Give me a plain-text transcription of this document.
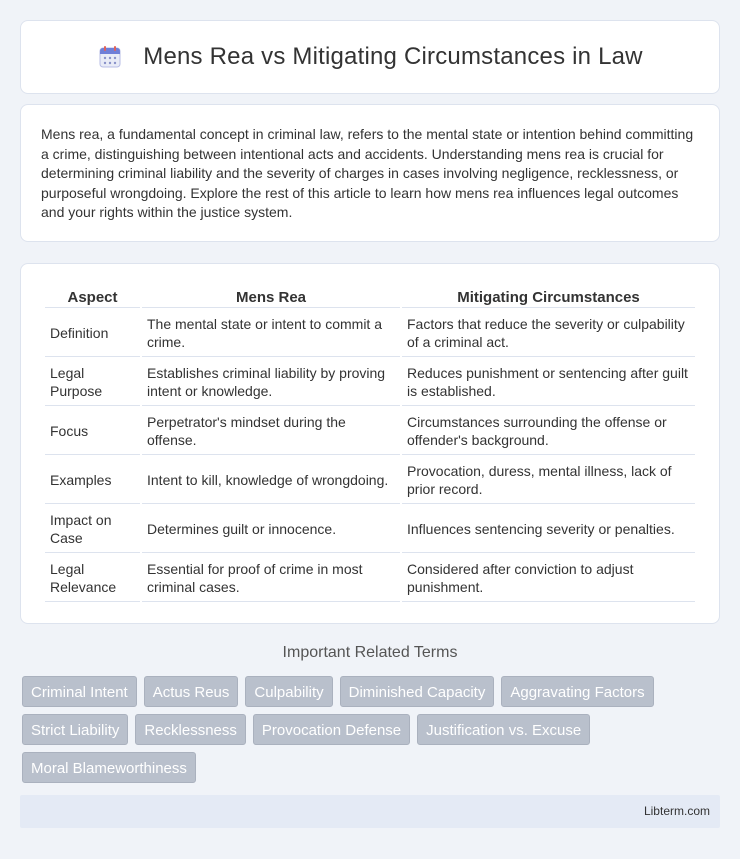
Mens Rea vs Mitigating Circumstances in Law

Mens rea, a fundamental concept in criminal law, refers to the mental state or intention behind committing a crime, distinguishing between intentional acts and accidents. Understanding mens rea is crucial for determining criminal liability and the severity of charges in cases involving negligence, recklessness, or purposeful wrongdoing. Explore the rest of this article to learn how mens rea influences legal outcomes and your rights within the justice system.

Aspect	Mens Rea	Mitigating Circumstances
Definition	The mental state or intent to commit a crime.	Factors that reduce the severity or culpability of a criminal act.
Legal Purpose	Establishes criminal liability by proving intent or knowledge.	Reduces punishment or sentencing after guilt is established.
Focus	Perpetrator's mindset during the offense.	Circumstances surrounding the offense or offender's background.
Examples	Intent to kill, knowledge of wrongdoing.	Provocation, duress, mental illness, lack of prior record.
Impact on Case	Determines guilt or innocence.	Influences sentencing severity or penalties.
Legal Relevance	Essential for proof of crime in most criminal cases.	Considered after conviction to adjust punishment.
Important Related Terms
Criminal Intent	Actus Reus	Culpability	Diminished Capacity	Aggravating Factors
Strict Liability	Recklessness	Provocation Defense	Justification vs. Excuse
Moral Blameworthiness
Libterm.com
